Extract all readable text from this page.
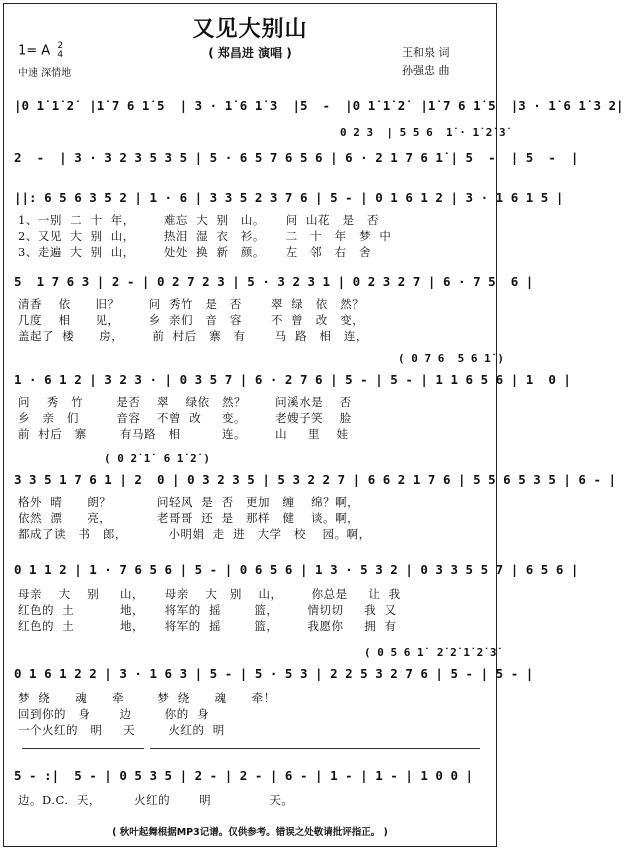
又见大别山
( 郑昌进 演唱 )
1= A 2
4
中速 深情地
王和泉 词
孙强忠 曲
|0 1̇ 1̇ 2̇  |1̇ 7 6 1̇ 5  | 3 · 1̇ 6 1̇ 3  |5  -  |0 1̇ 1̇ 2̇  |1̇ 7 6 1̇ 5  |3 · 1̇ 6 1̇ 3 2|
0 2 3  | 5 5 6  1̇ · 1̇ 2̇ 3̇
2  -  | 3 · 3 2 3 5 3 5 | 5 · 6 5 7 6 5 6 | 6 · 2 1 7 6 1̇ | 5  -  | 5  -  |
||: 6 5 6 3 5 2 | 1 · 6 | 3 3 5 2 3 7 6 | 5 - | 0 1 6 1 2 | 3 · 1 6 1 5 |
1、一别  二  十  年，       难忘  大  别   山。     问  山花   是   否
2、又见  大  别  山，       热泪  湿  衣   衫。     二   十   年   梦  中
3、走遍  大  别  山，       处处  换  新   颜。     左   邻   右   舍
5  1 7 6 3 | 2 - | 0 2 7 2 3 | 5 · 3 2 3 1 | 0 2 3 2 7 | 6 · 7 5  6 |
清香    依      旧？       问  秀竹   是   否       翠  绿   依   然？
几度    相      见，       乡  亲们   音   容       不  曾   改   变，
盖起了  楼      房，       前  村后   寨   有       马  路   相   连，
( 0 7 6  5 6 1̇ )
1 · 6 1 2 | 3 2 3 · | 0 3 5 7 | 6 · 2 7 6 | 5 - | 5 - | 1 1 6 5 6 | 1  0 |
问    秀   竹        是否    翠    绿依   然？       问溪水是    否
乡   亲   们         音容    不曾  改     变。       老嫂子笑    脸
前  村后   寨        有马路   相          连。       山     里    娃
( 0 2̇ 1̇  6 1̇ 2̇ )
3 3 5 1 7 6 1 | 2  0 | 0 3 2 3 5 | 5 3 2 2 7 | 6 6 2 1 7 6 | 5 5 6 5 3 5 | 6 - |
格外  晴      朗？           问轻风  是  否   更加   缠    绵？啊，
依然  漂      亮，           老哥哥  还  是   那样   健    谈。啊，
都成了读   书   郎，          小明娟  走  进   大学   校    园。啊，
0 1 1 2 | 1 · 7 6 5 6 | 5 - | 0 6 5 6 | 1 3 · 5 3 2 | 0 3 3 5 5 7 | 6 5 6 |
母亲    大    别     山，     母亲    大   别    山，       你总是     让  我
红色的  土           地，     将军的  摇        篮，       情切切     我  又
红色的  土           地，     将军的  摇        篮，       我愿你     拥  有
( 0 5 6 1̇  2̇ 2̇ 1̇ 2̇ 3̇
0 1 6 1 2 2 | 3 · 1 6 3 | 5 - | 5 · 5 3 | 2 2 5 3 2 7 6 | 5 - | 5 - |
梦  绕      魂      牵        梦  绕      魂      牵！
回到你的   身       边        你的  身
一个火红的   明     天        火红的  明
5 - :|  5 - | 0 5 3 5 | 2 - | 2 - | 6 - | 1 - | 1 - | 1 0 0 |
边。D.C.  天，        火红的       明              天。
( 秋叶起舞根据MP3记谱。仅供参考。错误之处敬请批评指正。 )
